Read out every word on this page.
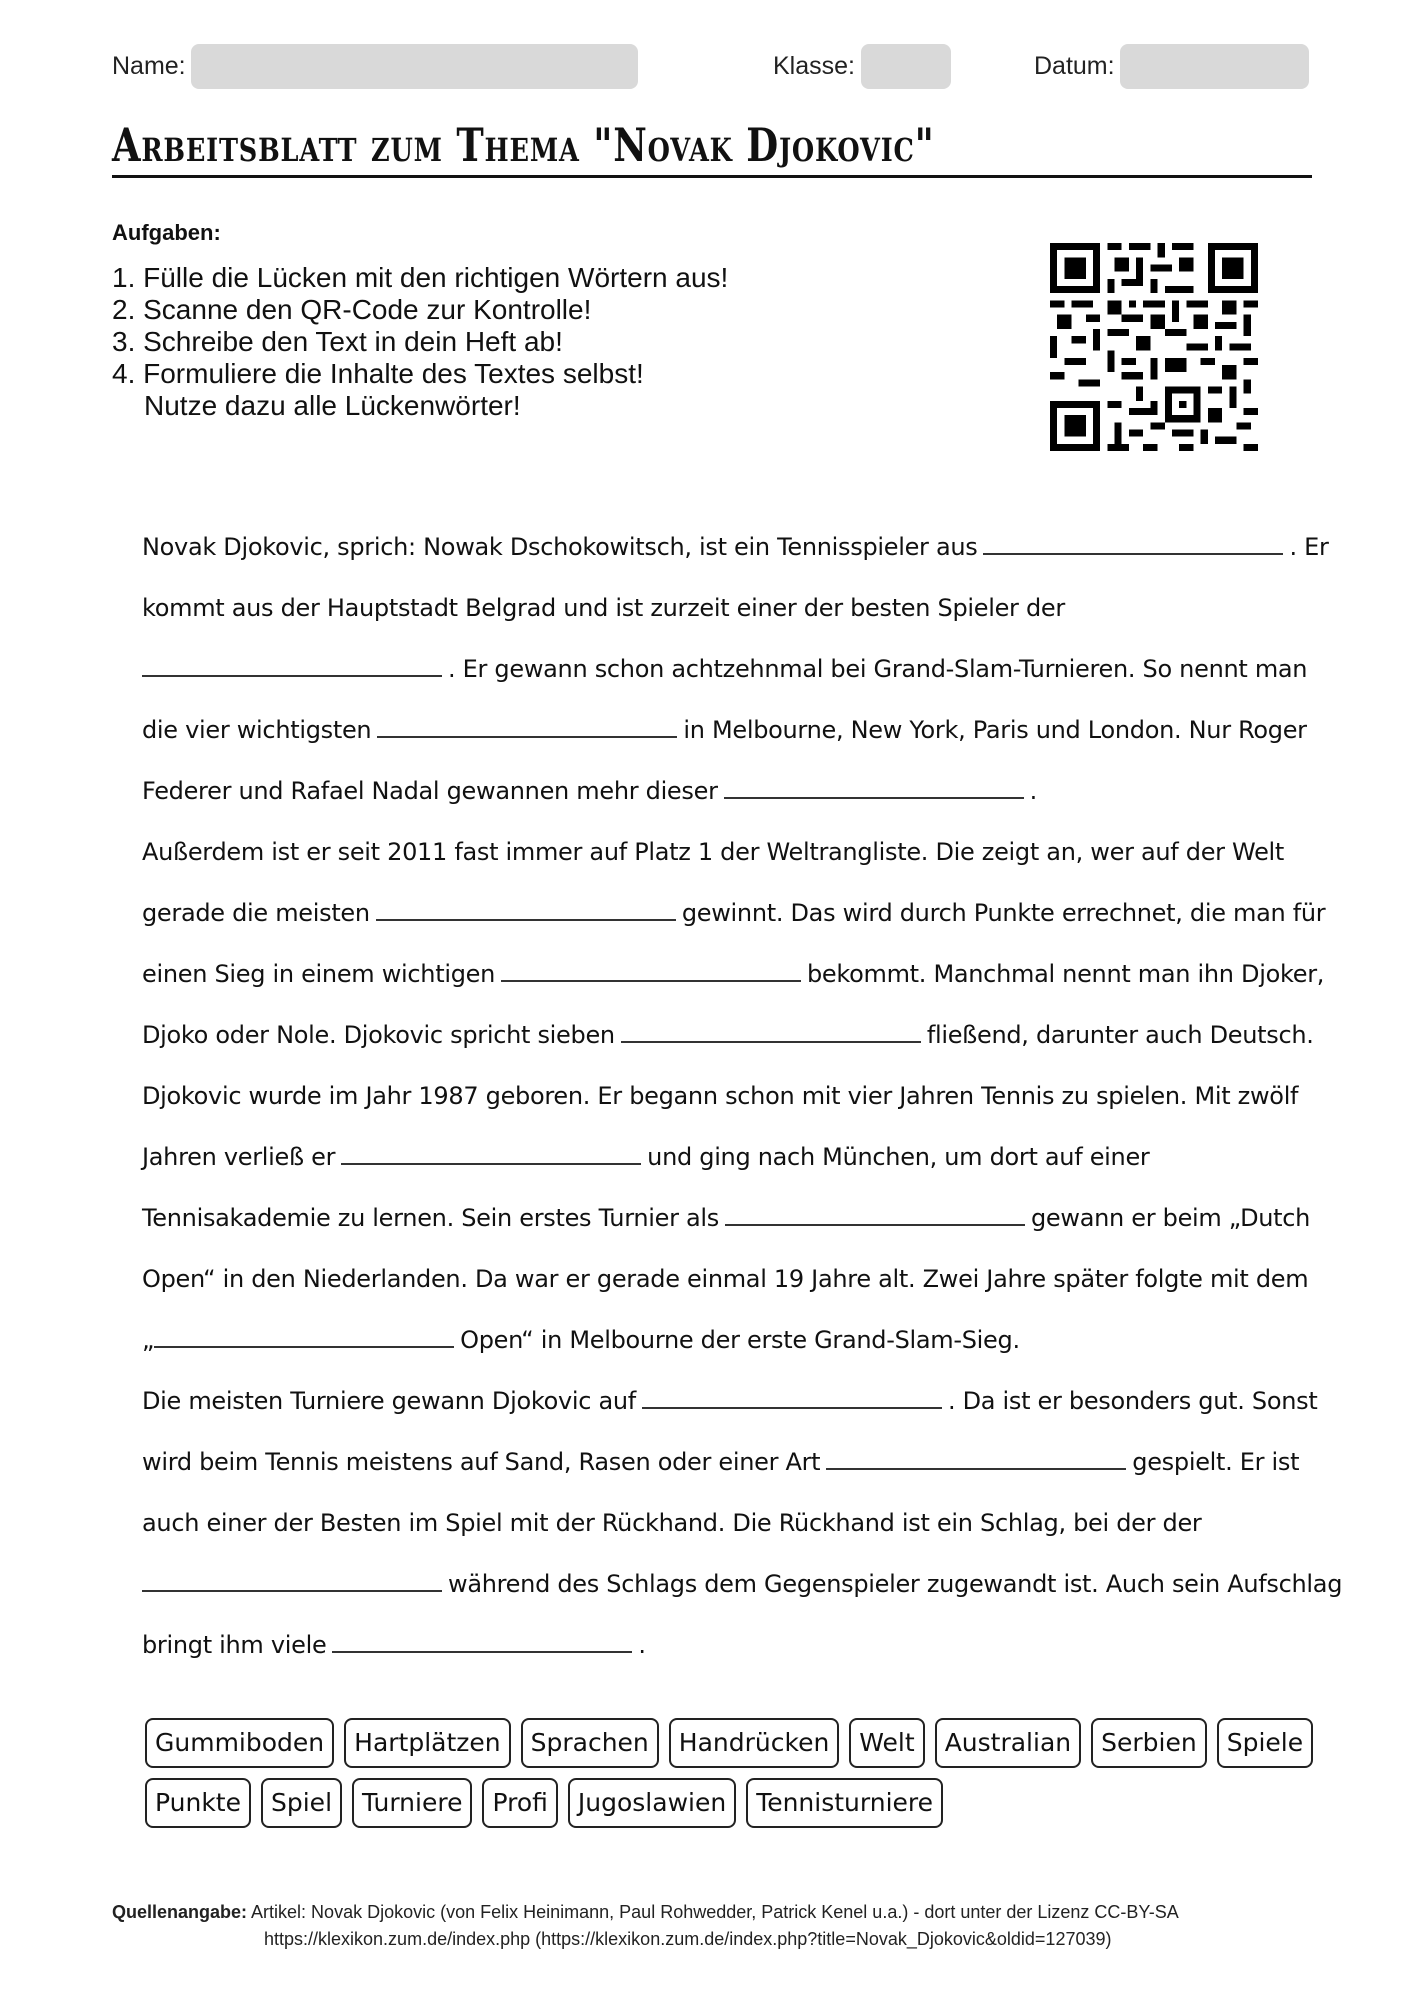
Name:	Klasse:	Datum:
Arbeitsblatt zum Thema "Novak Djokovic"
Aufgaben:
1. Fülle die Lücken mit den richtigen Wörtern aus!
2. Scanne den QR-Code zur Kontrolle!
3. Schreibe den Text in dein Heft ab!
4. Formuliere die Inhalte des Textes selbst!
Nutze dazu alle Lückenwörter!
Novak Djokovic, sprich: Nowak Dschokowitsch, ist ein Tennisspieler aus	. Er
kommt aus der Hauptstadt Belgrad und ist zurzeit einer der besten Spieler der
. Er gewann schon achtzehnmal bei Grand-Slam-Turnieren. So nennt man
die vier wichtigsten	in Melbourne, New York, Paris und London. Nur Roger
Federer und Rafael Nadal gewannen mehr dieser	.
Außerdem ist er seit 2011 fast immer auf Platz 1 der Weltrangliste. Die zeigt an, wer auf der Welt
gerade die meisten	gewinnt. Das wird durch Punkte errechnet, die man für
einen Sieg in einem wichtigen	bekommt. Manchmal nennt man ihn Djoker,
Djoko oder Nole. Djokovic spricht sieben	fließend, darunter auch Deutsch.
Djokovic wurde im Jahr 1987 geboren. Er begann schon mit vier Jahren Tennis zu spielen. Mit zwölf
Jahren verließ er	und ging nach München, um dort auf einer
Tennisakademie zu lernen. Sein erstes Turnier als	gewann er beim „Dutch
Open“ in den Niederlanden. Da war er gerade einmal 19 Jahre alt. Zwei Jahre später folgte mit dem
„	Open“ in Melbourne der erste Grand-Slam-Sieg.
Die meisten Turniere gewann Djokovic auf	. Da ist er besonders gut. Sonst
wird beim Tennis meistens auf Sand, Rasen oder einer Art	gespielt. Er ist
auch einer der Besten im Spiel mit der Rückhand. Die Rückhand ist ein Schlag, bei der der
während des Schlags dem Gegenspieler zugewandt ist. Auch sein Aufschlag
bringt ihm viele	.
Gummiboden	Hartplätzen	Sprachen	Handrücken	Welt	Australian	Serbien	Spiele
Punkte	Spiel	Turniere	Profi	Jugoslawien	Tennisturniere
Quellenangabe: Artikel: Novak Djokovic (von Felix Heinimann, Paul Rohwedder, Patrick Kenel u.a.) - dort unter der Lizenz CC-BY-SA
https://klexikon.zum.de/index.php (https://klexikon.zum.de/index.php?title=Novak_Djokovic&oldid=127039)
